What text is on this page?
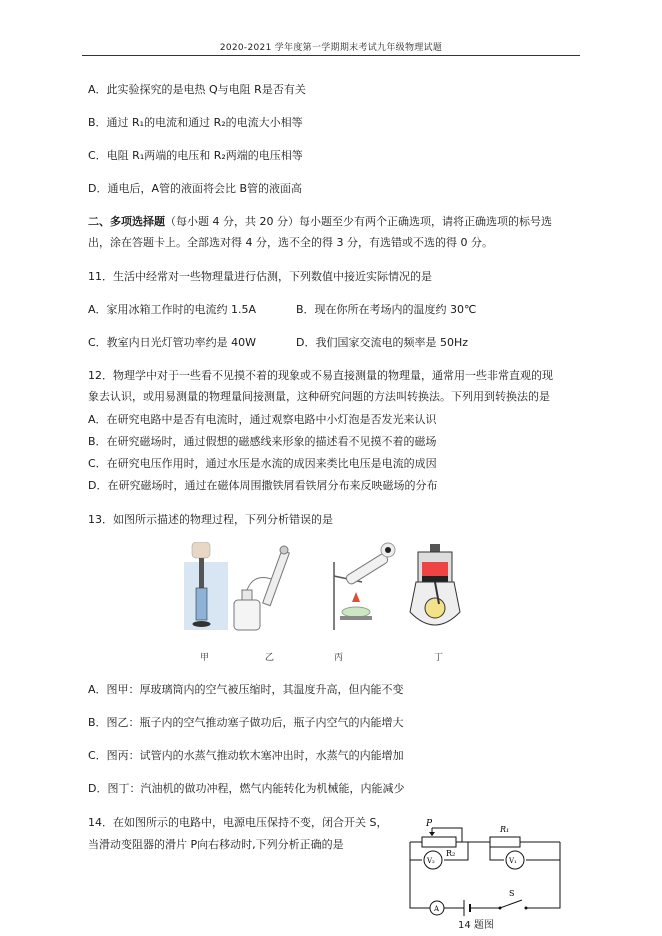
2020-2021 学年度第一学期期末考试九年级物理试题
A．此实验探究的是电热 Q与电阻 R是否有关
B．通过 R₁的电流和通过 R₂的电流大小相等
C．电阻 R₁两端的电压和 R₂两端的电压相等
D．通电后，A管的液面将会比 B管的液面高
二、多项选择题（每小题 4 分，共 20 分）每小题至少有两个正确选项，请将正确选项的标号选
出，涂在答题卡上。全部选对得 4 分，选不全的得 3 分，有选错或不选的得 0 分。
11．生活中经常对一些物理量进行估测，下列数值中接近实际情况的是
A．家用冰箱工作时的电流约 1.5A	B．现在你所在考场内的温度约 30℃
C．教室内日光灯管功率约是 40W	D．我们国家交流电的频率是 50Hz
12．物理学中对于一些看不见摸不着的现象或不易直接测量的物理量，通常用一些非常直观的现
象去认识，或用易测量的物理量间接测量，这种研究问题的方法叫转换法。下列用到转换法的是
A．在研究电路中是否有电流时，通过观察电路中小灯泡是否发光来认识
B．在研究磁场时，通过假想的磁感线来形象的描述看不见摸不着的磁场
C．在研究电压作用时，通过水压是水流的成因来类比电压是电流的成因
D．在研究磁场时，通过在磁体周围撒铁屑看铁屑分布来反映磁场的分布
13．如图所示描述的物理过程，下列分析错误的是
甲	乙	丙	丁
A．图甲：厚玻璃筒内的空气被压缩时，其温度升高，但内能不变
B．图乙：瓶子内的空气推动塞子做功后，瓶子内空气的内能增大
C．图丙：试管内的水蒸气推动软木塞冲出时，水蒸气的内能增加
D．图丁：汽油机的做功冲程，燃气内能转化为机械能，内能减少
14．在如图所示的电路中，电源电压保持不变，闭合开关 S，
当滑动变阻器的滑片 P向右移动时,下列分析正确的是
P
R₂
R₁
V₂	V₁
A
S
14 题图
